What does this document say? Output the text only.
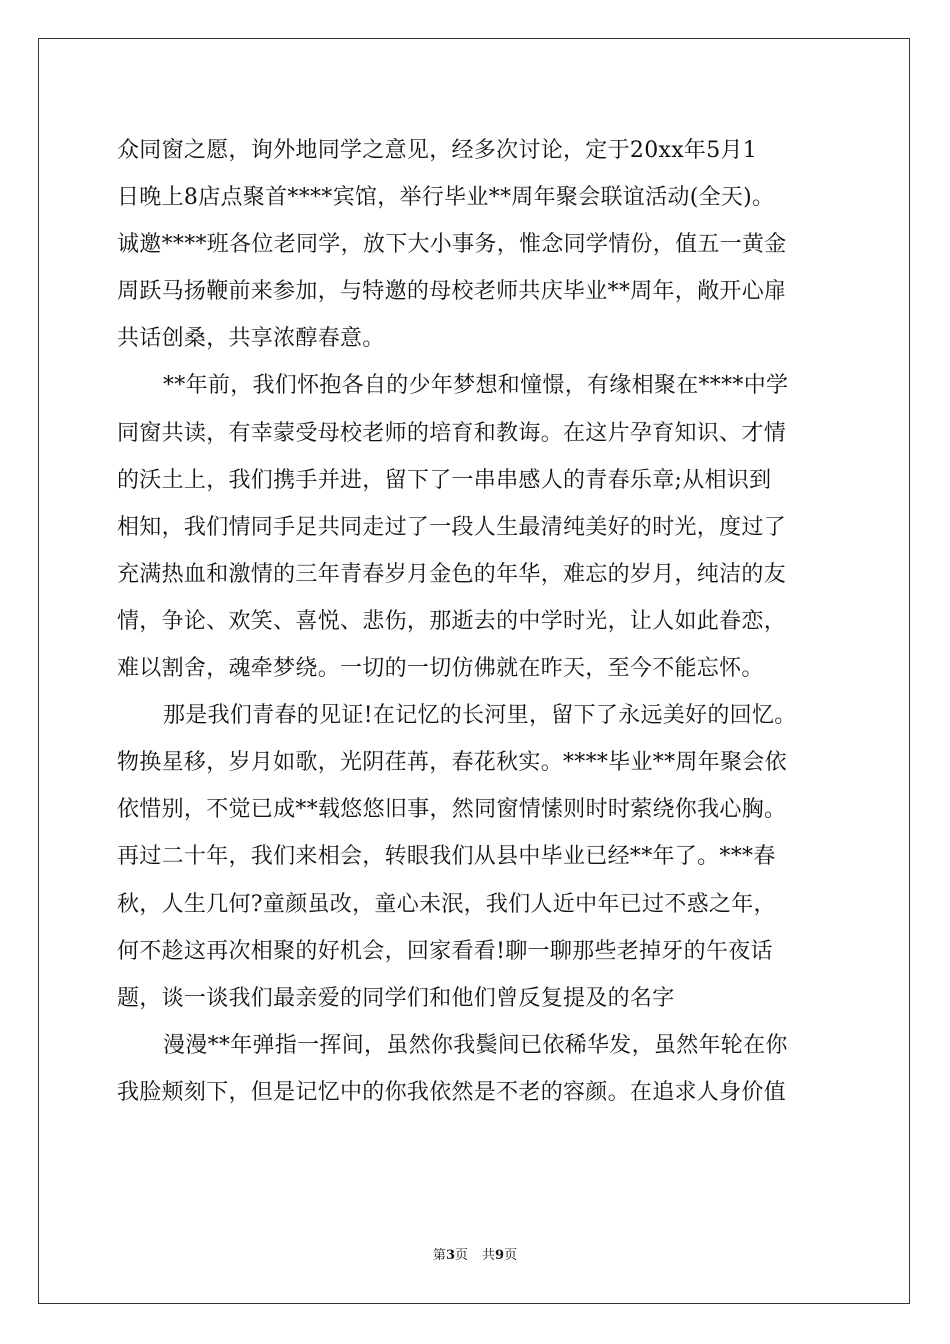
众同窗之愿，询外地同学之意见，经多次讨论，定于20xx年5月1
日晚上8店点聚首****宾馆，举行毕业**周年聚会联谊活动(全天)。
诚邀****班各位老同学，放下大小事务，惟念同学情份，值五一黄金
周跃马扬鞭前来参加，与特邀的母校老师共庆毕业**周年，敞开心扉
共话创桑，共享浓醇春意。
**年前，我们怀抱各自的少年梦想和憧憬，有缘相聚在****中学
同窗共读，有幸蒙受母校老师的培育和教诲。在这片孕育知识、才情
的沃土上，我们携手并进，留下了一串串感人的青春乐章;从相识到
相知，我们情同手足共同走过了一段人生最清纯美好的时光，度过了
充满热血和激情的三年青春岁月金色的年华，难忘的岁月，纯洁的友
情，争论、欢笑、喜悦、悲伤，那逝去的中学时光，让人如此眷恋，
难以割舍，魂牵梦绕。一切的一切仿佛就在昨天，至今不能忘怀。
那是我们青春的见证!在记忆的长河里，留下了永远美好的回忆。
物换星移，岁月如歌，光阴荏苒，春花秋实。****毕业**周年聚会依
依惜别，不觉已成**载悠悠旧事，然同窗情愫则时时萦绕你我心胸。
再过二十年，我们来相会，转眼我们从县中毕业已经**年了。***春
秋，人生几何?童颜虽改，童心未泯，我们人近中年已过不惑之年，
何不趁这再次相聚的好机会，回家看看!聊一聊那些老掉牙的午夜话
题，谈一谈我们最亲爱的同学们和他们曾反复提及的名字
漫漫**年弹指一挥间，虽然你我鬓间已依稀华发，虽然年轮在你
我脸颊刻下，但是记忆中的你我依然是不老的容颜。在追求人身价值
第3页 共9页
